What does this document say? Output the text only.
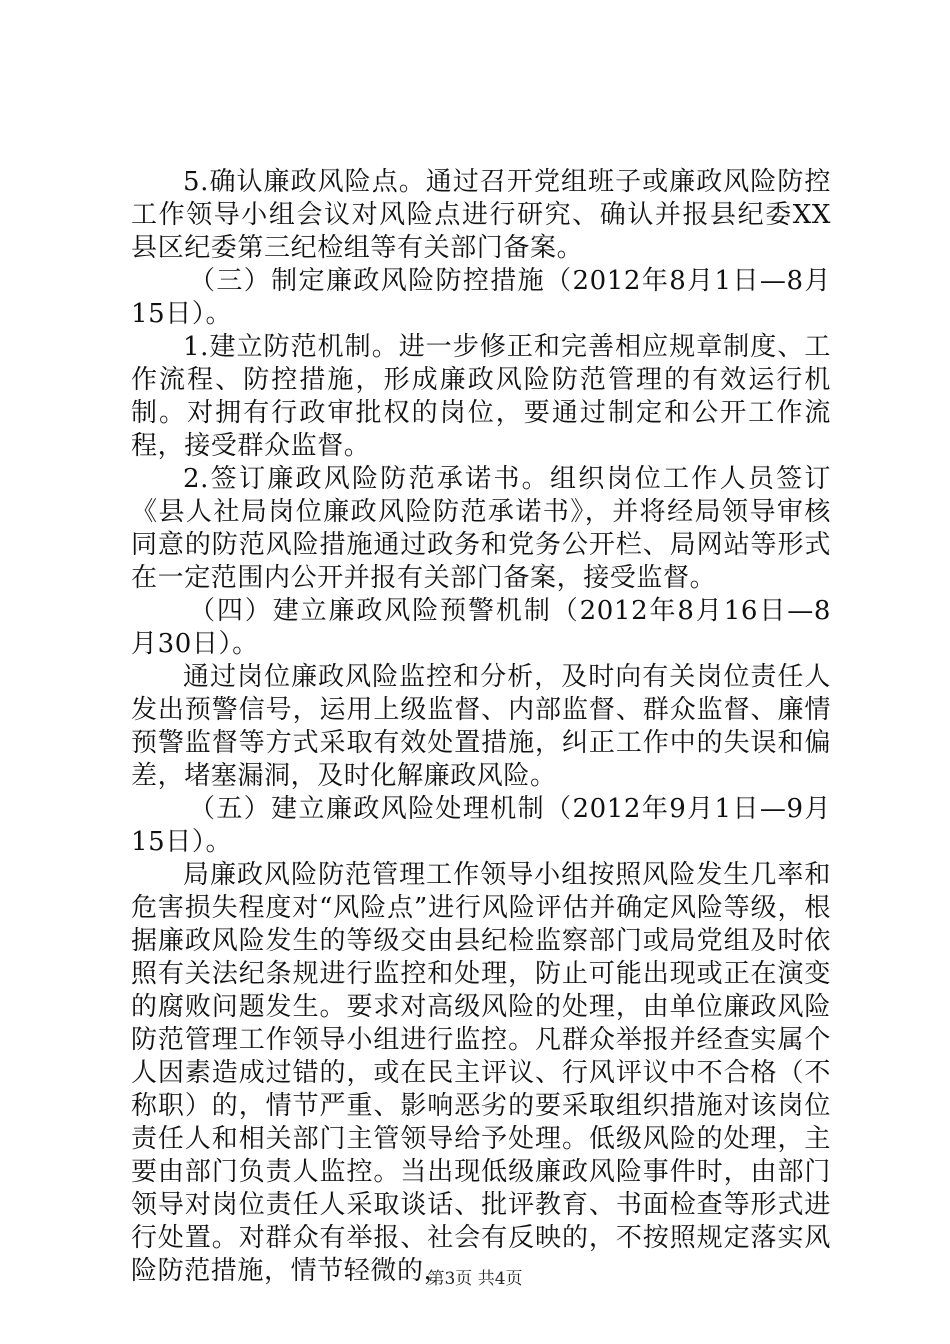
5.确认廉政风险点。通过召开党组班子或廉政风险防控工作领导小组会议对风险点进行研究、确认并报县纪委XX县区纪委第三纪检组等有关部门备案。

（三）制定廉政风险防控措施（2012年8月1日—8月15日）。

1.建立防范机制。进一步修正和完善相应规章制度、工作流程、防控措施，形成廉政风险防范管理的有效运行机制。对拥有行政审批权的岗位，要通过制定和公开工作流程，接受群众监督。

2.签订廉政风险防范承诺书。组织岗位工作人员签订《县人社局岗位廉政风险防范承诺书》，并将经局领导审核同意的防范风险措施通过政务和党务公开栏、局网站等形式在一定范围内公开并报有关部门备案，接受监督。

（四）建立廉政风险预警机制（2012年8月16日—8月30日）。

通过岗位廉政风险监控和分析，及时向有关岗位责任人发出预警信号，运用上级监督、内部监督、群众监督、廉情预警监督等方式采取有效处置措施，纠正工作中的失误和偏差，堵塞漏洞，及时化解廉政风险。

（五）建立廉政风险处理机制（2012年9月1日—9月15日）。

局廉政风险防范管理工作领导小组按照风险发生几率和危害损失程度对“风险点”进行风险评估并确定风险等级，根据廉政风险发生的等级交由县纪检监察部门或局党组及时依照有关法纪条规进行监控和处理，防止可能出现或正在演变的腐败问题发生。要求对高级风险的处理，由单位廉政风险防范管理工作领导小组进行监控。凡群众举报并经查实属个人因素造成过错的，或在民主评议、行风评议中不合格（不称职）的，情节严重、影响恶劣的要采取组织措施对该岗位责任人和相关部门主管领导给予处理。低级风险的处理，主要由部门负责人监控。当出现低级廉政风险事件时，由部门领导对岗位责任人采取谈话、批评教育、书面检查等形式进行处置。对群众有举报、社会有反映的，不按照规定落实风险防范措施，情节轻微的，

第3页 共4页
